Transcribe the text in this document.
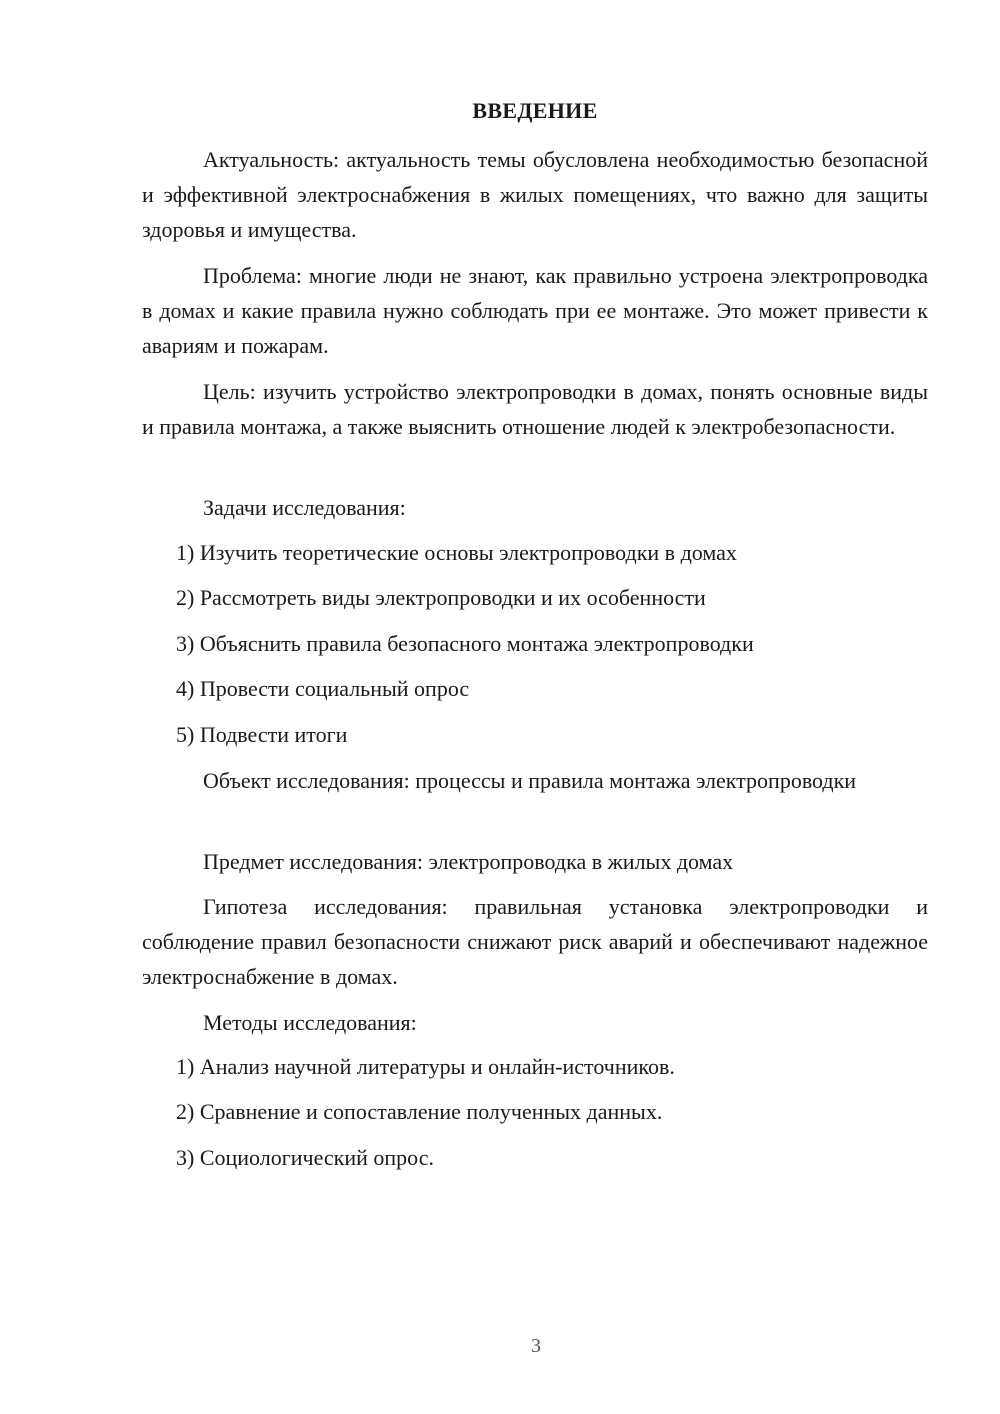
ВВЕДЕНИЕ

Актуальность: актуальность темы обусловлена необходимостью безопасной и эффективной электроснабжения в жилых помещениях, что важно для защиты здоровья и имущества.

Проблема: многие люди не знают, как правильно устроена электропроводка в домах и какие правила нужно соблюдать при ее монтаже. Это может привести к авариям и пожарам.

Цель: изучить устройство электропроводки в домах, понять основные виды и правила монтажа, а также выяснить отношение людей к электробезопасности.

Задачи исследования:

1) Изучить теоретические основы электропроводки в домах

2) Рассмотреть виды электропроводки и их особенности

3) Объяснить правила безопасного монтажа электропроводки

4) Провести социальный опрос

5) Подвести итоги

Объект исследования: процессы и правила монтажа электропроводки

Предмет исследования: электропроводка в жилых домах

Гипотеза исследования: правильная установка электропроводки и соблюдение правил безопасности снижают риск аварий и обеспечивают надежное электроснабжение в домах.

Методы исследования:

1) Анализ научной литературы и онлайн-источников.

2) Сравнение и сопоставление полученных данных.

3) Социологический опрос.

3
